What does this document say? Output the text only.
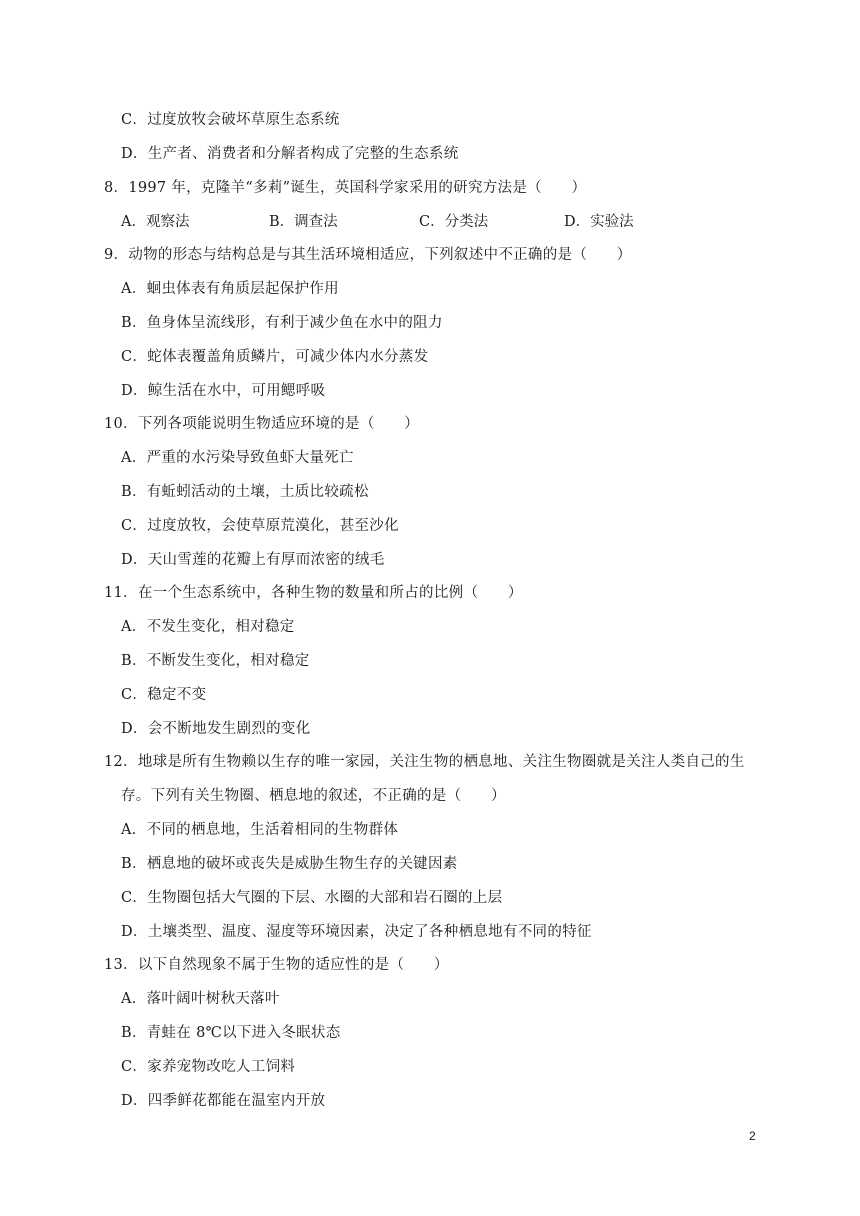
C．过度放牧会破坏草原生态系统
D．生产者、消费者和分解者构成了完整的生态系统
8．1997 年，克隆羊“多莉”诞生，英国科学家采用的研究方法是（　　）
A．观察法	B．调查法	C．分类法	D．实验法
9．动物的形态与结构总是与其生活环境相适应，下列叙述中不正确的是（　　）
A．蛔虫体表有角质层起保护作用
B．鱼身体呈流线形，有利于减少鱼在水中的阻力
C．蛇体表覆盖角质鳞片，可减少体内水分蒸发
D．鲸生活在水中，可用鳃呼吸
10．下列各项能说明生物适应环境的是（　　）
A．严重的水污染导致鱼虾大量死亡
B．有蚯蚓活动的土壤，土质比较疏松
C．过度放牧，会使草原荒漠化，甚至沙化
D．天山雪莲的花瓣上有厚而浓密的绒毛
11．在一个生态系统中，各种生物的数量和所占的比例（　　）
A．不发生变化，相对稳定
B．不断发生变化，相对稳定
C．稳定不变
D．会不断地发生剧烈的变化
12．地球是所有生物赖以生存的唯一家园，关注生物的栖息地、关注生物圈就是关注人类自己的生
存。下列有关生物圈、栖息地的叙述，不正确的是（　　）
A．不同的栖息地，生活着相同的生物群体
B．栖息地的破坏或丧失是威胁生物生存的关键因素
C．生物圈包括大气圈的下层、水圈的大部和岩石圈的上层
D．土壤类型、温度、湿度等环境因素，决定了各种栖息地有不同的特征
13．以下自然现象不属于生物的适应性的是（　　）
A．落叶阔叶树秋天落叶
B．青蛙在 8℃以下进入冬眠状态
C．家养宠物改吃人工饲料
D．四季鲜花都能在温室内开放
2
